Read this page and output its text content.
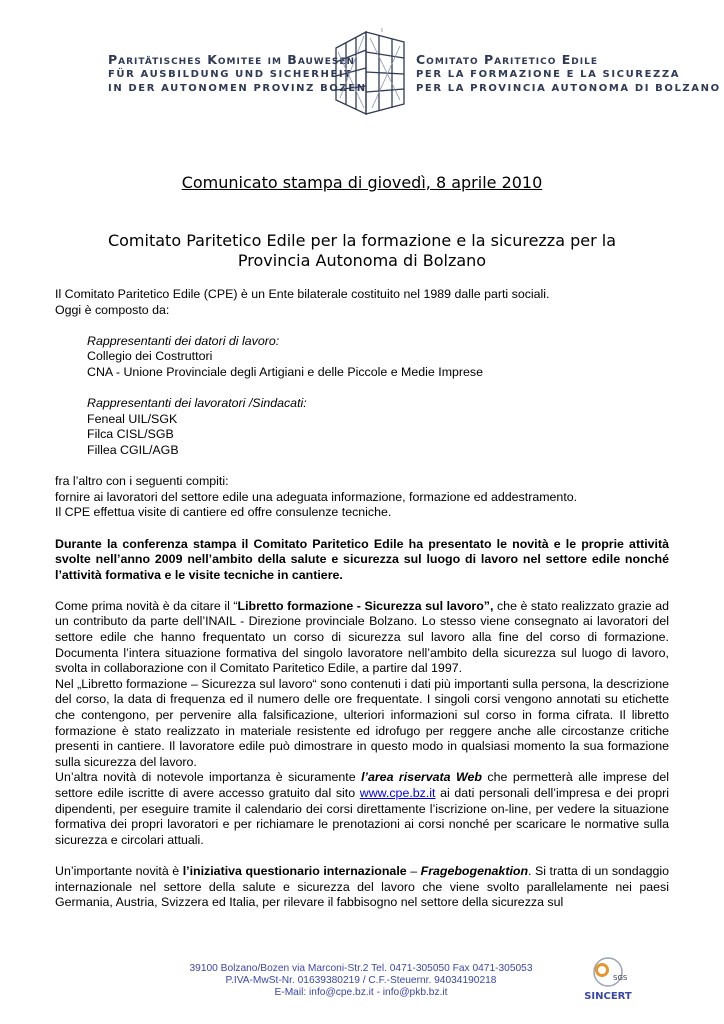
Paritätisches Komitee im Bauwesen
FÜR AUSBILDUNG UND SICHERHEIT
IN DER AUTONOMEN PROVINZ BOZEN
Comitato Paritetico Edile
PER LA FORMAZIONE E LA SICUREZZA
PER LA PROVINCIA AUTONOMA DI BOLZANO
Comunicato stampa di giovedì, 8 aprile 2010
Comitato Paritetico Edile per la formazione e la sicurezza per la
Provincia Autonoma di Bolzano

Il Comitato Paritetico Edile (CPE) è un Ente bilaterale costituito nel 1989 dalle parti sociali.

Oggi è composto da:

Rappresentanti dei datori di lavoro:
Collegio dei Costruttori
CNA - Unione Provinciale degli Artigiani e delle Piccole e Medie Imprese
Rappresentanti dei lavoratori /Sindacati:
Feneal UIL/SGK
Filca CISL/SGB
Fillea CGIL/AGB
fra l’altro con i seguenti compiti:
fornire ai lavoratori del settore edile una adeguata informazione, formazione ed addestramento.
Il CPE effettua visite di cantiere ed offre consulenze tecniche.

Durante la conferenza stampa il Comitato Paritetico Edile ha presentato le novità e le proprie attività svolte nell’anno 2009 nell’ambito della salute e sicurezza sul luogo di lavoro nel settore edile nonché l’attività formativa e le visite tecniche in cantiere.

Come prima novità è da citare il “Libretto formazione - Sicurezza sul lavoro”, che è stato realizzato grazie ad un contributo da parte dell’INAIL - Direzione provinciale Bolzano. Lo stesso viene consegnato ai lavoratori del settore edile che hanno frequentato un corso di sicurezza sul lavoro alla fine del corso di formazione. Documenta l’intera situazione formativa del singolo lavoratore nell’ambito della sicurezza sul luogo di lavoro, svolta in collaborazione con il Comitato Paritetico Edile, a partire dal 1997.

Nel „Libretto formazione – Sicurezza sul lavoro“ sono contenuti i dati più importanti sulla persona, la descrizione del corso, la data di frequenza ed il numero delle ore frequentate. I singoli corsi vengono annotati su etichette che contengono, per pervenire alla falsificazione, ulteriori informazioni sul corso in forma cifrata. Il libretto formazione è stato realizzato in materiale resistente ed idrofugo per reggere anche alle circostanze critiche presenti in cantiere. Il lavoratore edile può dimostrare in questo modo in qualsiasi momento la sua formazione sulla sicurezza del lavoro.

Un’altra novità di notevole importanza è sicuramente l’area riservata Web che permetterà alle imprese del settore edile iscritte di avere accesso gratuito dal sito www.cpe.bz.it ai dati personali dell’impresa e dei propri dipendenti, per eseguire tramite il calendario dei corsi direttamente l’iscrizione on-line, per vedere la situazione formativa dei propri lavoratori e per richiamare le prenotazioni ai corsi nonché per scaricare le normative sulla sicurezza e circolari attuali.

Un’importante novità è l’iniziativa questionario internazionale – Fragebogenaktion. Si tratta di un sondaggio internazionale nel settore della salute e sicurezza del lavoro che viene svolto parallelamente nei paesi Germania, Austria, Svizzera ed Italia, per rilevare il fabbisogno nel settore della sicurezza sul

39100 Bolzano/Bozen via Marconi-Str.2 Tel. 0471-305050 Fax 0471-305053
P.IVA-MwSt-Nr. 01639380219 / C.F.-Steuernr. 94034190218
E-Mail: info@cpe.bz.it - info@pkb.bz.it
SGS
SINCERT
